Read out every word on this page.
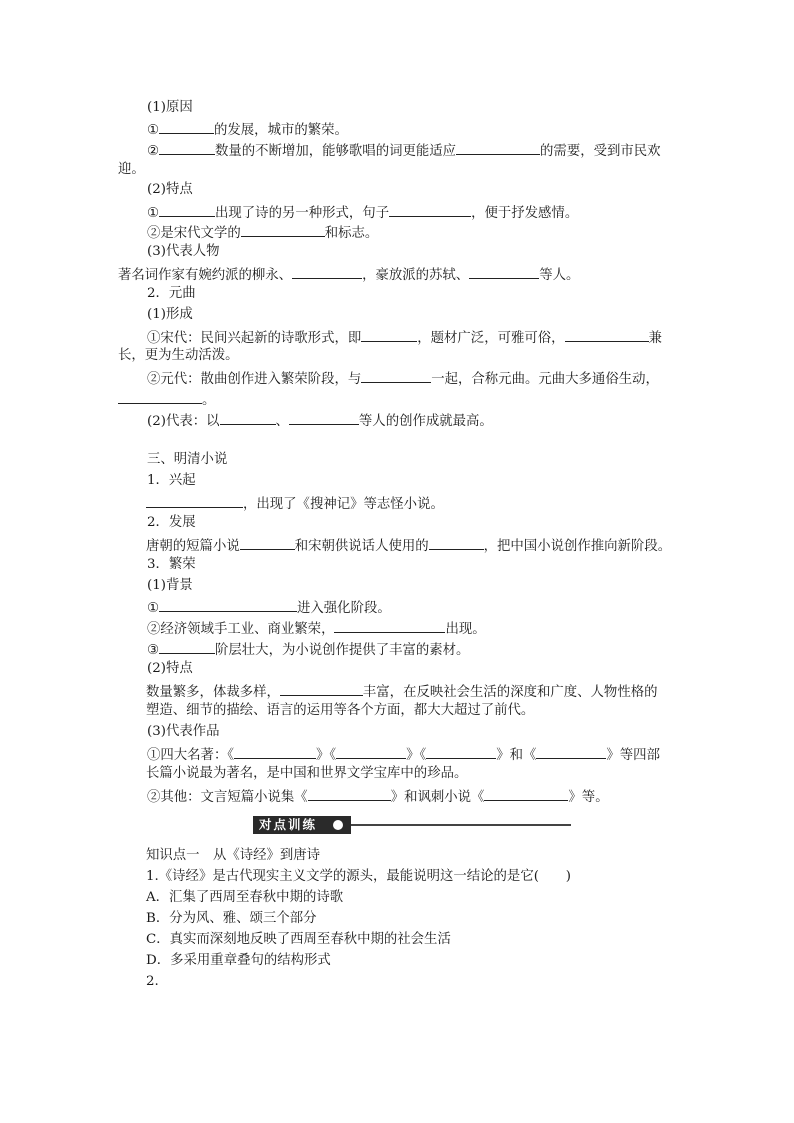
(1)原因
①	的发展，城市的繁荣。
②	数量的不断增加，能够歌唱的词更能适应	的需要，受到市民欢
迎。
(2)特点
①	出现了诗的另一种形式，句子	，便于抒发感情。
②是宋代文学的	和标志。
(3)代表人物
著名词作家有婉约派的柳永、	，豪放派的苏轼、	等人。
2．元曲
(1)形成
①宋代：民间兴起新的诗歌形式，即	，题材广泛，可雅可俗，	兼
长，更为生动活泼。
②元代：散曲创作进入繁荣阶段，与	一起，合称元曲。元曲大多通俗生动，
。
(2)代表：以	、	等人的创作成就最高。
三、明清小说
1．兴起
，出现了《搜神记》等志怪小说。
2．发展
唐朝的短篇小说	和宋朝供说话人使用的	，把中国小说创作推向新阶段。
3．繁荣
(1)背景
①	进入强化阶段。
②经济领域手工业、商业繁荣，	出现。
③	阶层壮大，为小说创作提供了丰富的素材。
(2)特点
数量繁多，体裁多样，	丰富，在反映社会生活的深度和广度、人物性格的
塑造、细节的描绘、语言的运用等各个方面，都大大超过了前代。
(3)代表作品
①四大名著：《	》《	》《	》和《	》等四部
长篇小说最为著名，是中国和世界文学宝库中的珍品。
②其他：文言短篇小说集《	》和讽刺小说《	》等。
对点训练
知识点一　从《诗经》到唐诗
1.《诗经》是古代现实主义文学的源头，最能说明这一结论的是它(　　)
A．汇集了西周至春秋中期的诗歌
B．分为风、雅、颂三个部分
C．真实而深刻地反映了西周至春秋中期的社会生活
D．多采用重章叠句的结构形式
2.
